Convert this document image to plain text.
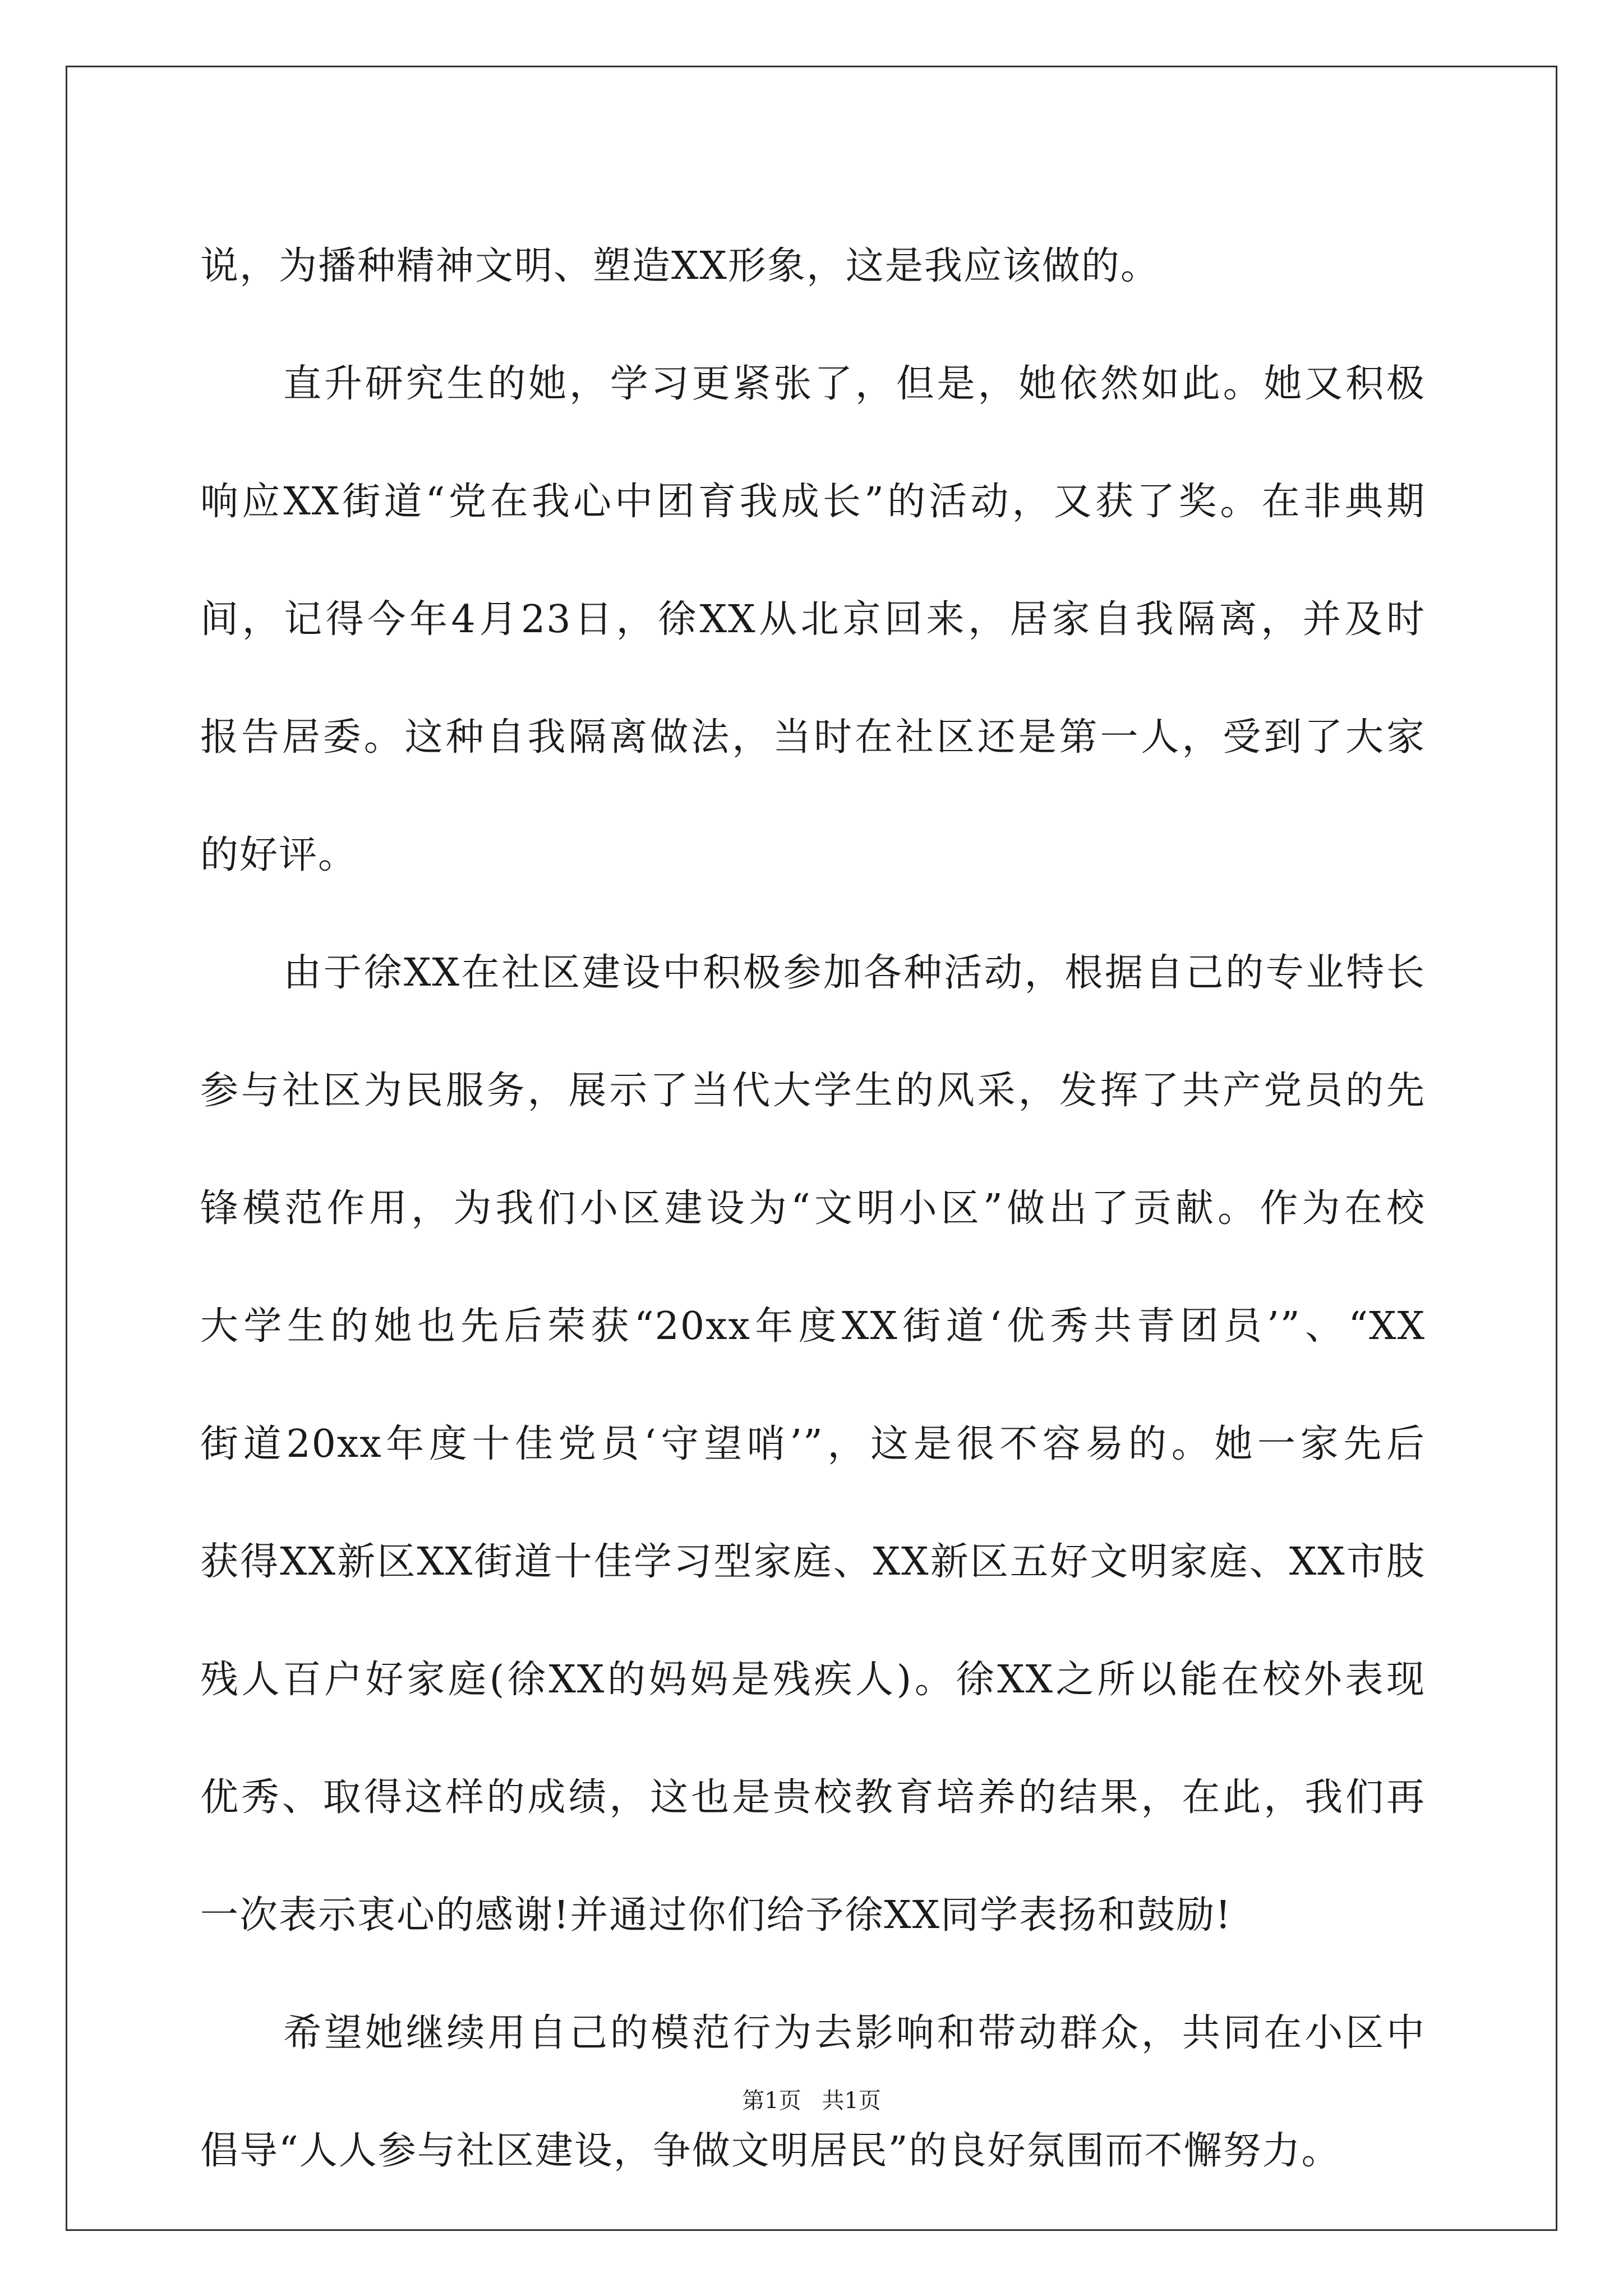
说，为播种精神文明、塑造XX形象，这是我应该做的。
直升研究生的她，学习更紧张了，但是，她依然如此。她又积极
响应XX街道“党在我心中团育我成长”的活动，又获了奖。在非典期
间，记得今年4月23日，徐XX从北京回来，居家自我隔离，并及时
报告居委。这种自我隔离做法，当时在社区还是第一人，受到了大家
的好评。
由于徐XX在社区建设中积极参加各种活动，根据自己的专业特长
参与社区为民服务，展示了当代大学生的风采，发挥了共产党员的先
锋模范作用，为我们小区建设为“文明小区”做出了贡献。作为在校
大学生的她也先后荣获“20xx年度XX街道‘优秀共青团员’”、“XX
街道20xx年度十佳党员‘守望哨’”，这是很不容易的。她一家先后
获得XX新区XX街道十佳学习型家庭、XX新区五好文明家庭、XX市肢
残人百户好家庭(徐XX的妈妈是残疾人)。徐XX之所以能在校外表现
优秀、取得这样的成绩，这也是贵校教育培养的结果，在此，我们再
一次表示衷心的感谢!并通过你们给予徐XX同学表扬和鼓励!
希望她继续用自己的模范行为去影响和带动群众，共同在小区中
倡导“人人参与社区建设，争做文明居民”的良好氛围而不懈努力。
第1页 共1页
